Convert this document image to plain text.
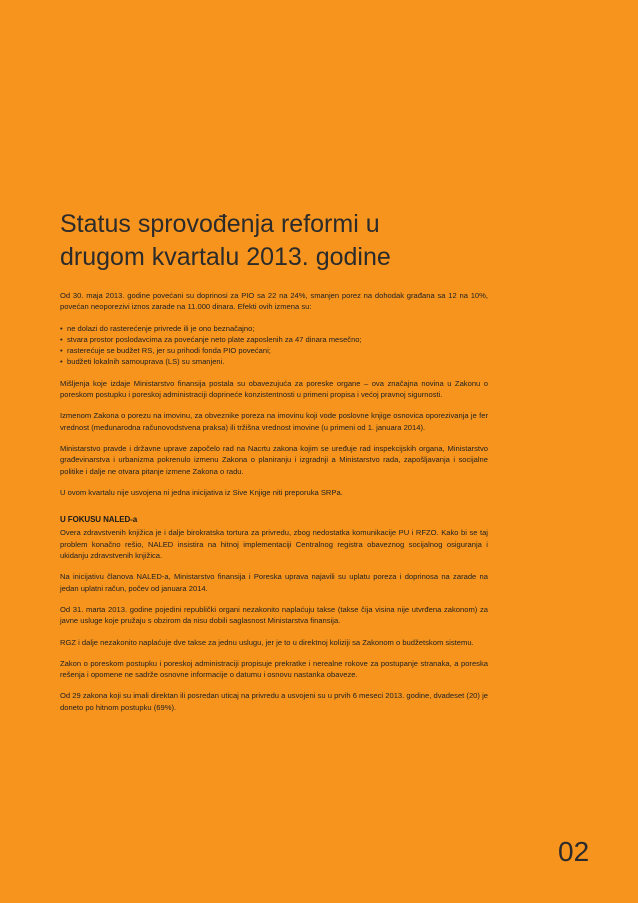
Status sprovođenja reformi u
drugom kvartalu 2013. godine

Od 30. maja 2013. godine povećani su doprinosi za PIO sa 22 na 24%, smanjen porez na dohodak građana sa 12 na 10%, povećan neoporezivi iznos zarade na 11.000 dinara. Efekti ovih izmena su:

• ne dolazi do rasterećenje privrede ili je ono beznačajno;
• stvara prostor poslodavcima za povećanje neto plate zaposlenih za 47 dinara mesečno;
• rasterećuje se budžet RS, jer su prihodi fonda PIO povećani;
• budžeti lokalnih samouprava (LS) su smanjeni.

Mišljenja koje izdaje Ministarstvo finansija postala su obavezujuća za poreske organe – ova značajna novina u Zakonu o poreskom postupku i poreskoj administraciji doprineće konzistentnosti u primeni propisa i većoj pravnoj sigurnosti.

Izmenom Zakona o porezu na imovinu, za obveznike poreza na imovinu koji vode poslovne knjige osnovica oporezivanja je fer vrednost (međunarodna računovodstvena praksa) ili tržišna vrednost imovine (u primeni od 1. januara 2014).

Ministarstvo pravde i državne uprave započelo rad na Nacrtu zakona kojim se uređuje rad inspekcijskih organa, Ministarstvo građevinarstva i urbanizma pokrenulo izmenu Zakona o planiranju i izgradnji a Ministarstvo rada, zapošljavanja i socijalne politike i dalje ne otvara pitanje izmene Zakona o radu.

U ovom kvartalu nije usvojena ni jedna inicijativa iz Sive Knjige niti preporuka SRPa.

U FOKUSU NALED-a

Overa zdravstvenih knjižica je i dalje birokratska tortura za privredu, zbog nedostatka komunikacije PU i RFZO. Kako bi se taj problem konačno rešio, NALED insistira na hitnoj implementaciji Centralnog registra obaveznog socijalnog osiguranja i ukidanju zdravstvenih knjižica.

Na inicijativu članova NALED-a, Ministarstvo finansija i Poreska uprava najavili su uplatu poreza i doprinosa na zarade na jedan uplatni račun, počev od januara 2014.

Od 31. marta 2013. godine pojedini republički organi nezakonito naplaćuju takse (takse čija visina nije utvrđena zakonom) za javne usluge koje pružaju s obzirom da nisu dobili saglasnost Ministarstva finansija.

RGZ i dalje nezakonito naplaćuje dve takse za jednu uslugu, jer je to u direktnoj koliziji sa Zakonom o budžetskom sistemu.

Zakon o poreskom postupku i poreskoj administraciji propisuje prekratke i nerealne rokove za postupanje stranaka, a poreska rešenja i opomene ne sadrže osnovne informacije o datumu i osnovu nastanka obaveze.

Od 29 zakona koji su imali direktan ili posredan uticaj na privredu a usvojeni su u prvih 6 meseci 2013. godine, dvadeset (20) je doneto po hitnom postupku (69%).

02
